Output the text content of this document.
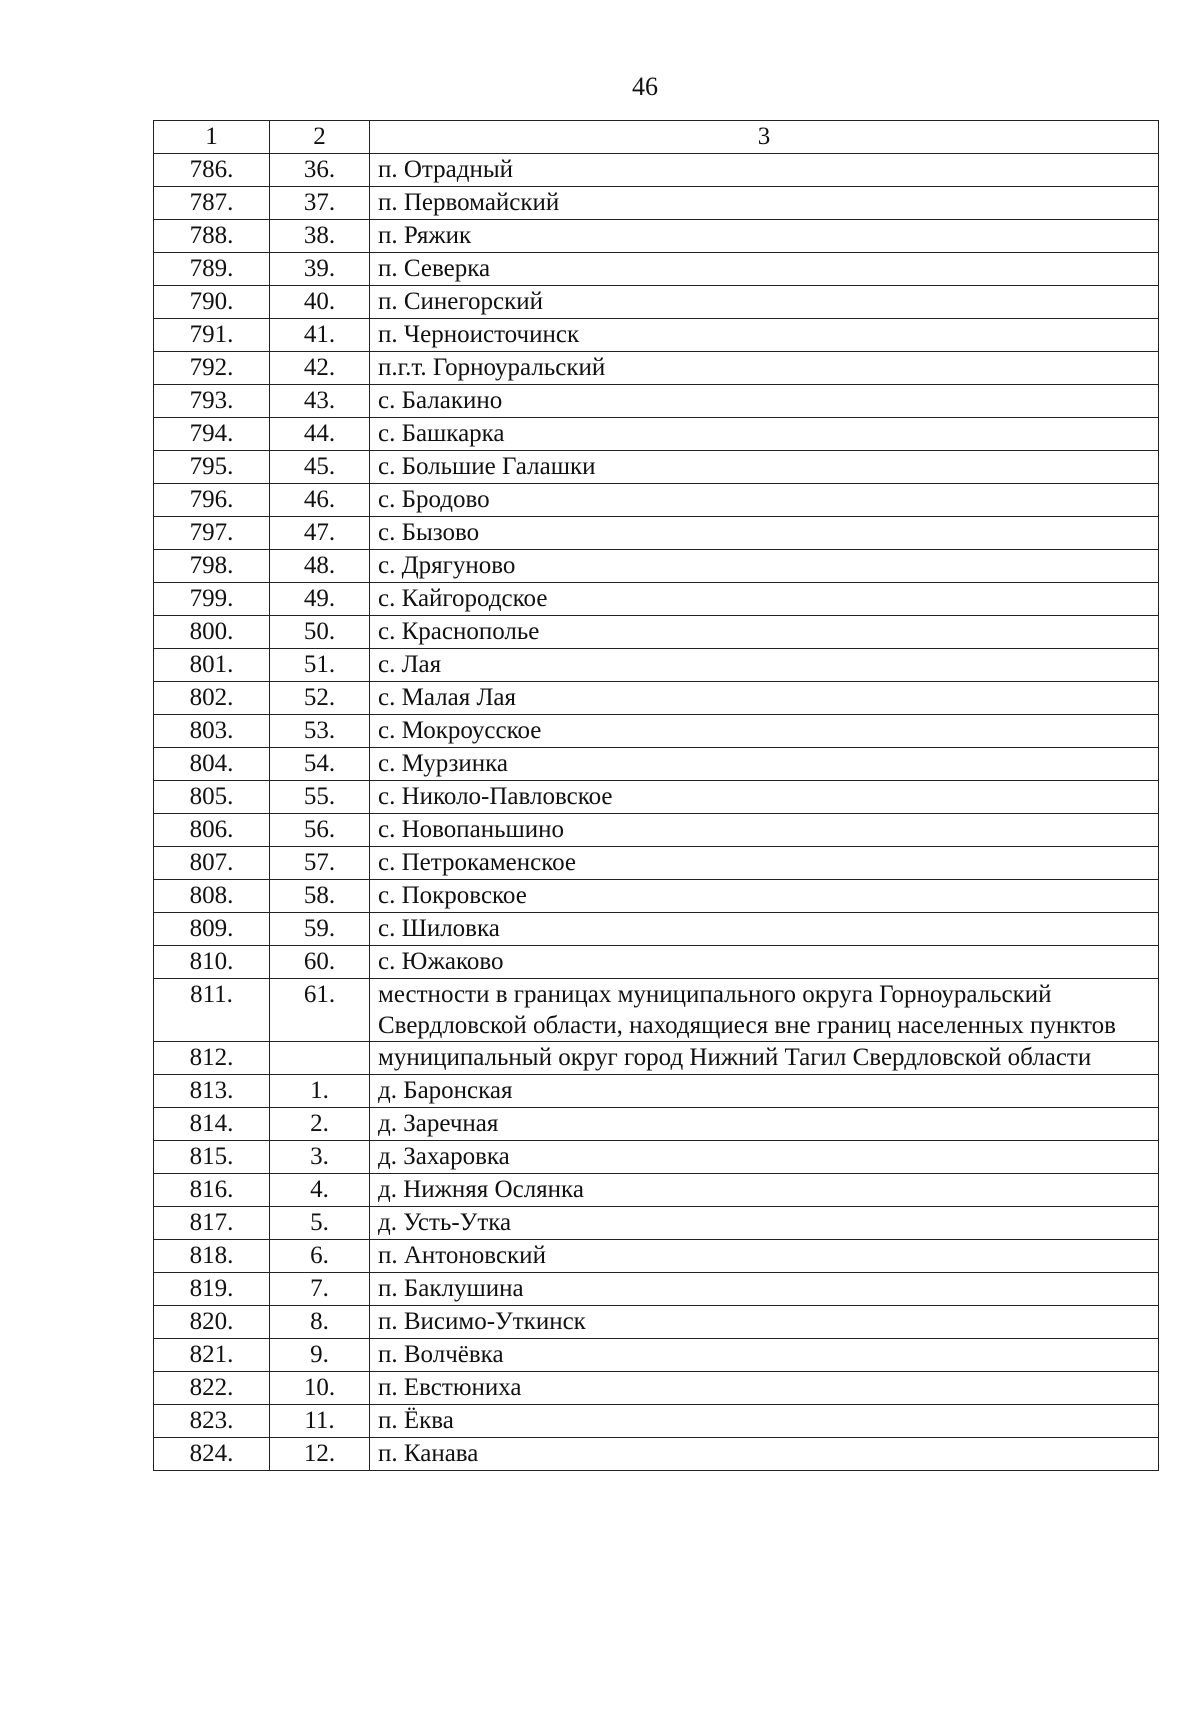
46
1	2	3
786.	36.	п. Отрадный
787.	37.	п. Первомайский
788.	38.	п. Ряжик
789.	39.	п. Северка
790.	40.	п. Синегорский
791.	41.	п. Черноисточинск
792.	42.	п.г.т. Горноуральский
793.	43.	с. Балакино
794.	44.	с. Башкарка
795.	45.	с. Большие Галашки
796.	46.	с. Бродово
797.	47.	с. Бызово
798.	48.	с. Дрягуново
799.	49.	с. Кайгородское
800.	50.	с. Краснополье
801.	51.	с. Лая
802.	52.	с. Малая Лая
803.	53.	с. Мокроусское
804.	54.	с. Мурзинка
805.	55.	с. Николо-Павловское
806.	56.	с. Новопаньшино
807.	57.	с. Петрокаменское
808.	58.	с. Покровское
809.	59.	с. Шиловка
810.	60.	с. Южаково
811.	61.	местности в границах муниципального округа Горноуральский Свердловской области, находящиеся вне границ населенных пунктов
812.		муниципальный округ город Нижний Тагил Свердловской области
813.	1.	д. Баронская
814.	2.	д. Заречная
815.	3.	д. Захаровка
816.	4.	д. Нижняя Ослянка
817.	5.	д. Усть-Утка
818.	6.	п. Антоновский
819.	7.	п. Баклушина
820.	8.	п. Висимо-Уткинск
821.	9.	п. Волчёвка
822.	10.	п. Евстюниха
823.	11.	п. Ёква
824.	12.	п. Канава
